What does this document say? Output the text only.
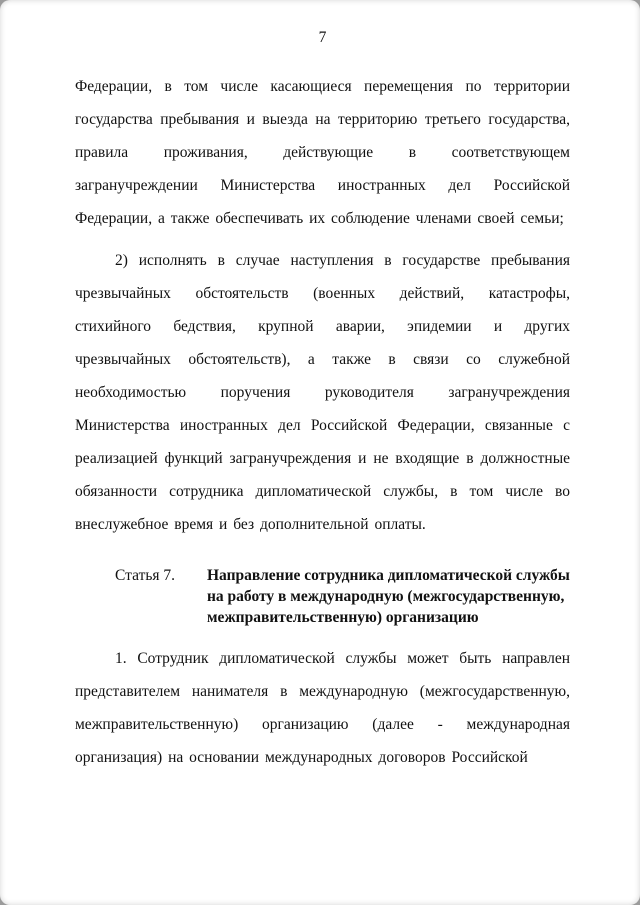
7

Федерации, в том числе касающиеся перемещения по территории государства пребывания и выезда на территорию третьего государства, правила проживания, действующие в соответствующем загранучреждении Министерства иностранных дел Российской Федерации, а также обеспечивать их соблюдение членами своей семьи;

2) исполнять в случае наступления в государстве пребывания чрезвычайных обстоятельств (военных действий, катастрофы, стихийного бедствия, крупной аварии, эпидемии и других чрезвычайных обстоятельств), а также в связи со служебной необходимостью поручения руководителя загранучреждения Министерства иностранных дел Российской Федерации, связанные с реализацией функций загранучреждения и не входящие в должностные обязанности сотрудника дипломатической службы, в том числе во внеслужебное время и без дополнительной оплаты.

Статья 7.	Направление сотрудника дипломатической службы на работу в международную (межгосударственную, межправительственную) организацию

1. Сотрудник дипломатической службы может быть направлен представителем нанимателя в международную (межгосударственную, межправительственную) организацию (далее - международная организация) на основании международных договоров Российской
